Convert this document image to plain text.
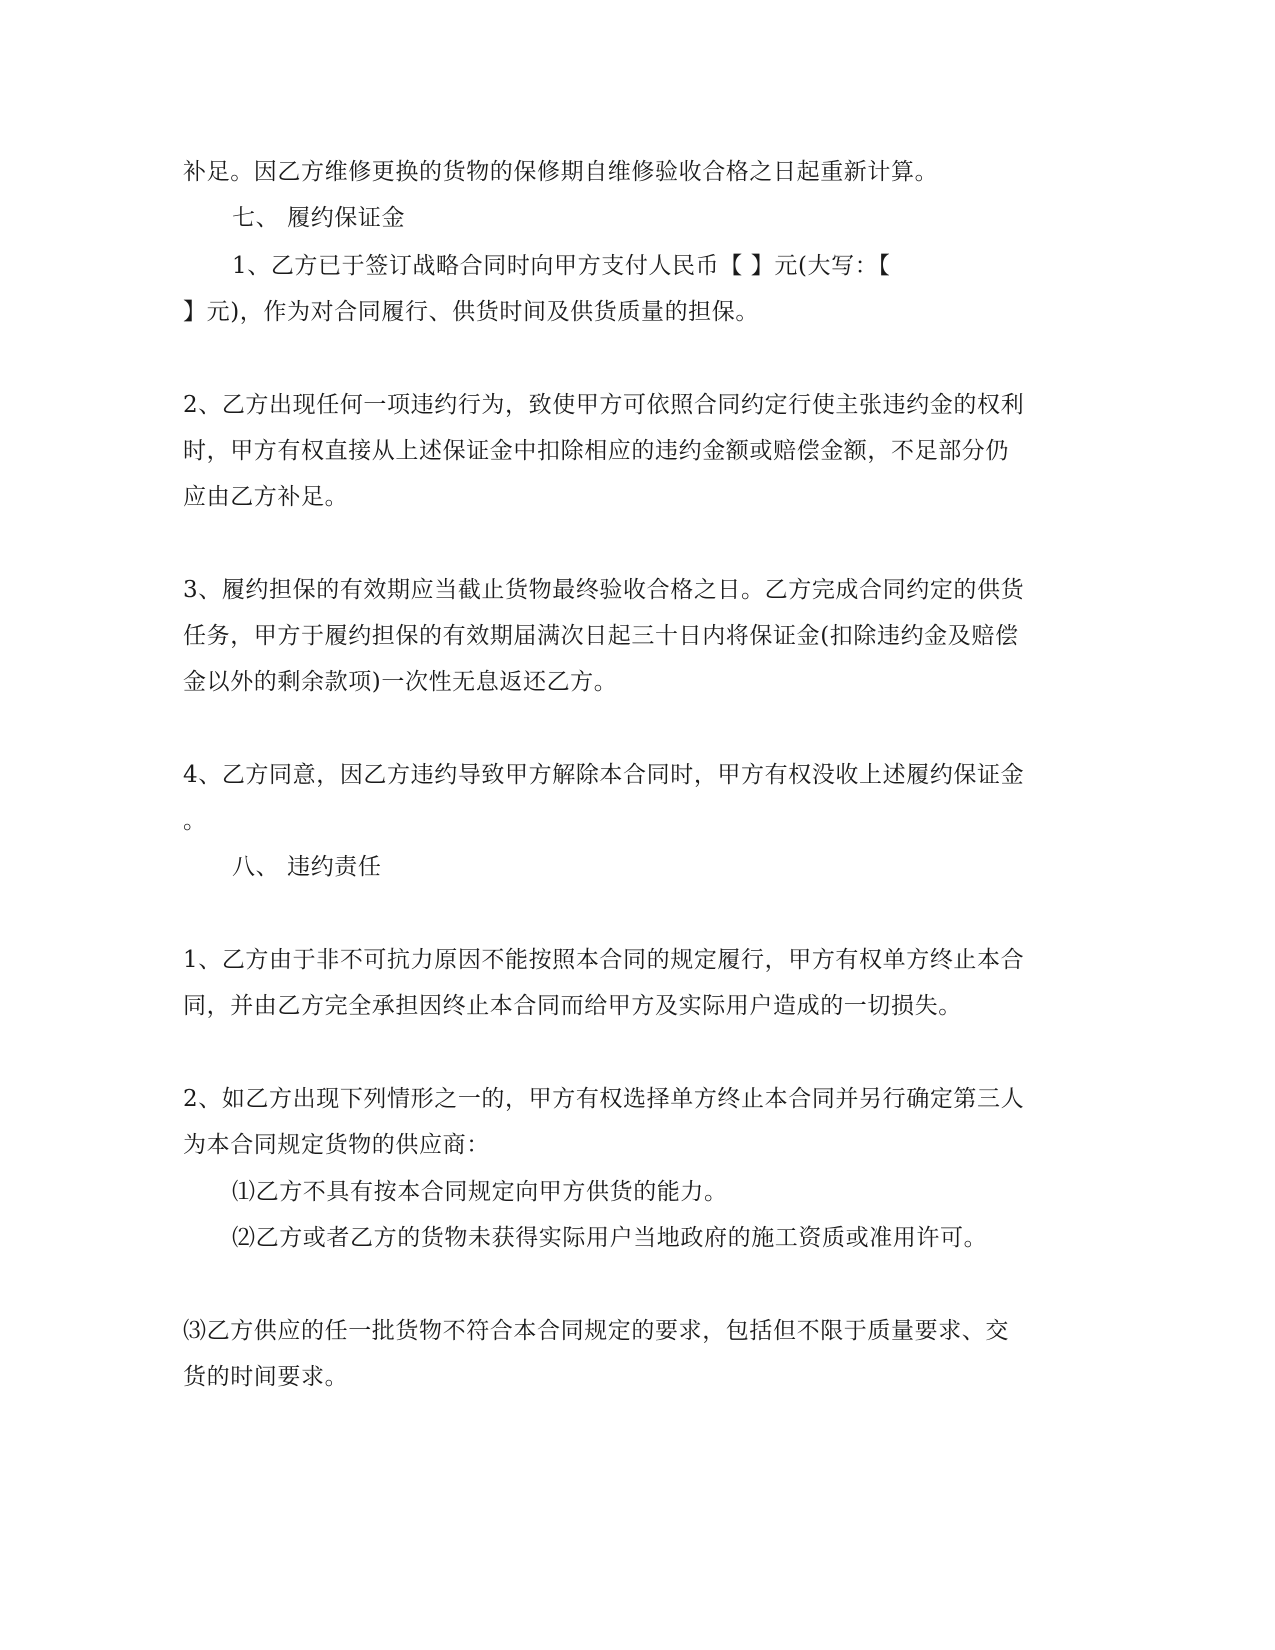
补足。因乙方维修更换的货物的保修期自维修验收合格之日起重新计算。

七、 履约保证金

1、乙方已于签订战略合同时向甲方支付人民币【 】元(大写：【

】元)，作为对合同履行、供货时间及供货质量的担保。

2、乙方出现任何一项违约行为，致使甲方可依照合同约定行使主张违约金的权利

时，甲方有权直接从上述保证金中扣除相应的违约金额或赔偿金额，不足部分仍

应由乙方补足。

3、履约担保的有效期应当截止货物最终验收合格之日。乙方完成合同约定的供货

任务，甲方于履约担保的有效期届满次日起三十日内将保证金(扣除违约金及赔偿

金以外的剩余款项)一次性无息返还乙方。

4、乙方同意，因乙方违约导致甲方解除本合同时，甲方有权没收上述履约保证金

。

八、 违约责任

1、乙方由于非不可抗力原因不能按照本合同的规定履行，甲方有权单方终止本合

同，并由乙方完全承担因终止本合同而给甲方及实际用户造成的一切损失。

2、如乙方出现下列情形之一的，甲方有权选择单方终止本合同并另行确定第三人

为本合同规定货物的供应商：

⑴乙方不具有按本合同规定向甲方供货的能力。

⑵乙方或者乙方的货物未获得实际用户当地政府的施工资质或准用许可。

⑶乙方供应的任一批货物不符合本合同规定的要求，包括但不限于质量要求、交

货的时间要求。
